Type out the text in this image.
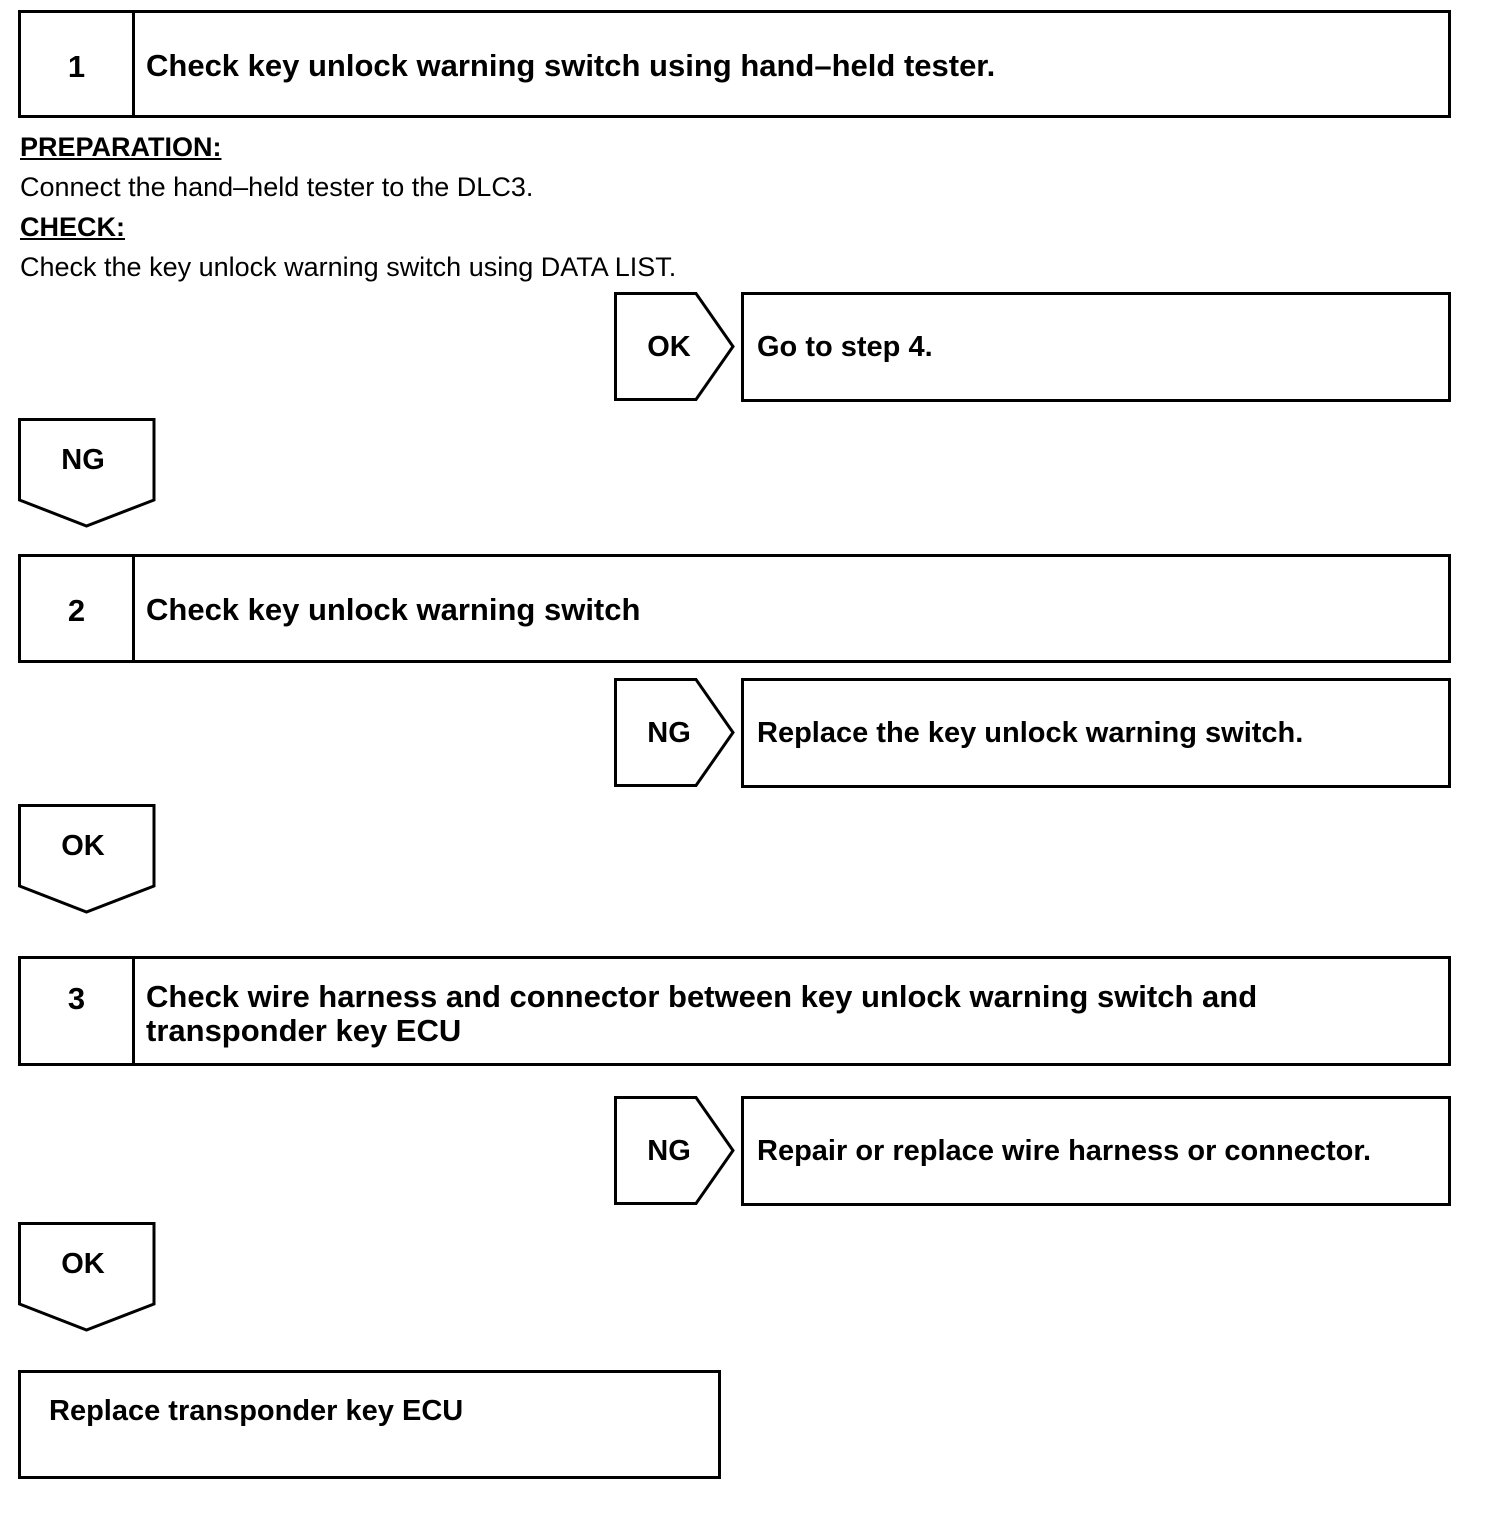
1	Check key unlock warning switch using hand–held tester.
PREPARATION:
Connect the hand–held tester to the DLC3.
CHECK:
Check the key unlock warning switch using DATA LIST.
OK	Go to step 4.
NG
2	Check key unlock warning switch
NG	Replace the key unlock warning switch.
OK
3	Check wire harness and connector between key unlock warning switch and transponder key ECU
NG	Repair or replace wire harness or connector.
OK
Replace transponder key ECU
